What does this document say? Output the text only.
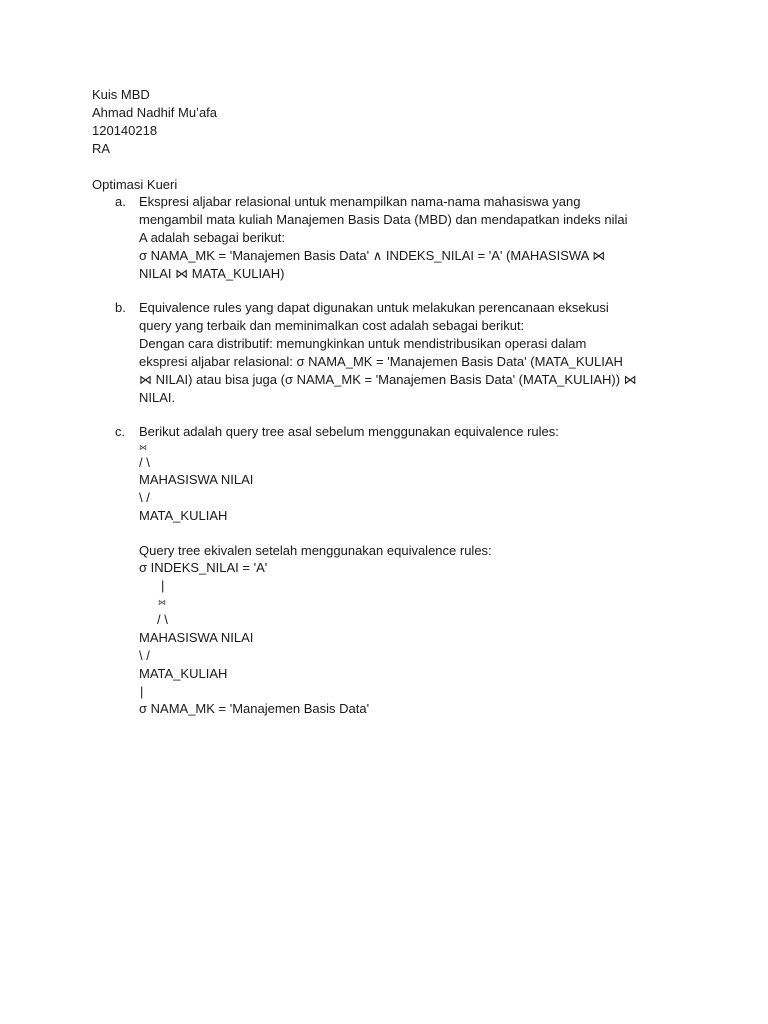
Kuis MBD
Ahmad Nadhif Mu’afa
120140218
RA
Optimasi Kueri
a. Ekspresi aljabar relasional untuk menampilkan nama-nama mahasiswa yang
mengambil mata kuliah Manajemen Basis Data (MBD) dan mendapatkan indeks nilai
A adalah sebagai berikut:
σ NAMA_MK = 'Manajemen Basis Data' ∧ INDEKS_NILAI = 'A' (MAHASISWA ⋈
NILAI ⋈ MATA_KULIAH)
b. Equivalence rules yang dapat digunakan untuk melakukan perencanaan eksekusi
query yang terbaik dan meminimalkan cost adalah sebagai berikut:
Dengan cara distributif: memungkinkan untuk mendistribusikan operasi dalam
ekspresi aljabar relasional: σ NAMA_MK = 'Manajemen Basis Data' (MATA_KULIAH
⋈ NILAI) atau bisa juga (σ NAMA_MK = 'Manajemen Basis Data' (MATA_KULIAH)) ⋈
NILAI.
c. Berikut adalah query tree asal sebelum menggunakan equivalence rules:
⋈
/ \
MAHASISWA NILAI
\ /
MATA_KULIAH
Query tree ekivalen setelah menggunakan equivalence rules:
σ INDEKS_NILAI = 'A'
|
⋈
/ \
MAHASISWA NILAI
\ /
MATA_KULIAH
|
σ NAMA_MK = 'Manajemen Basis Data'
